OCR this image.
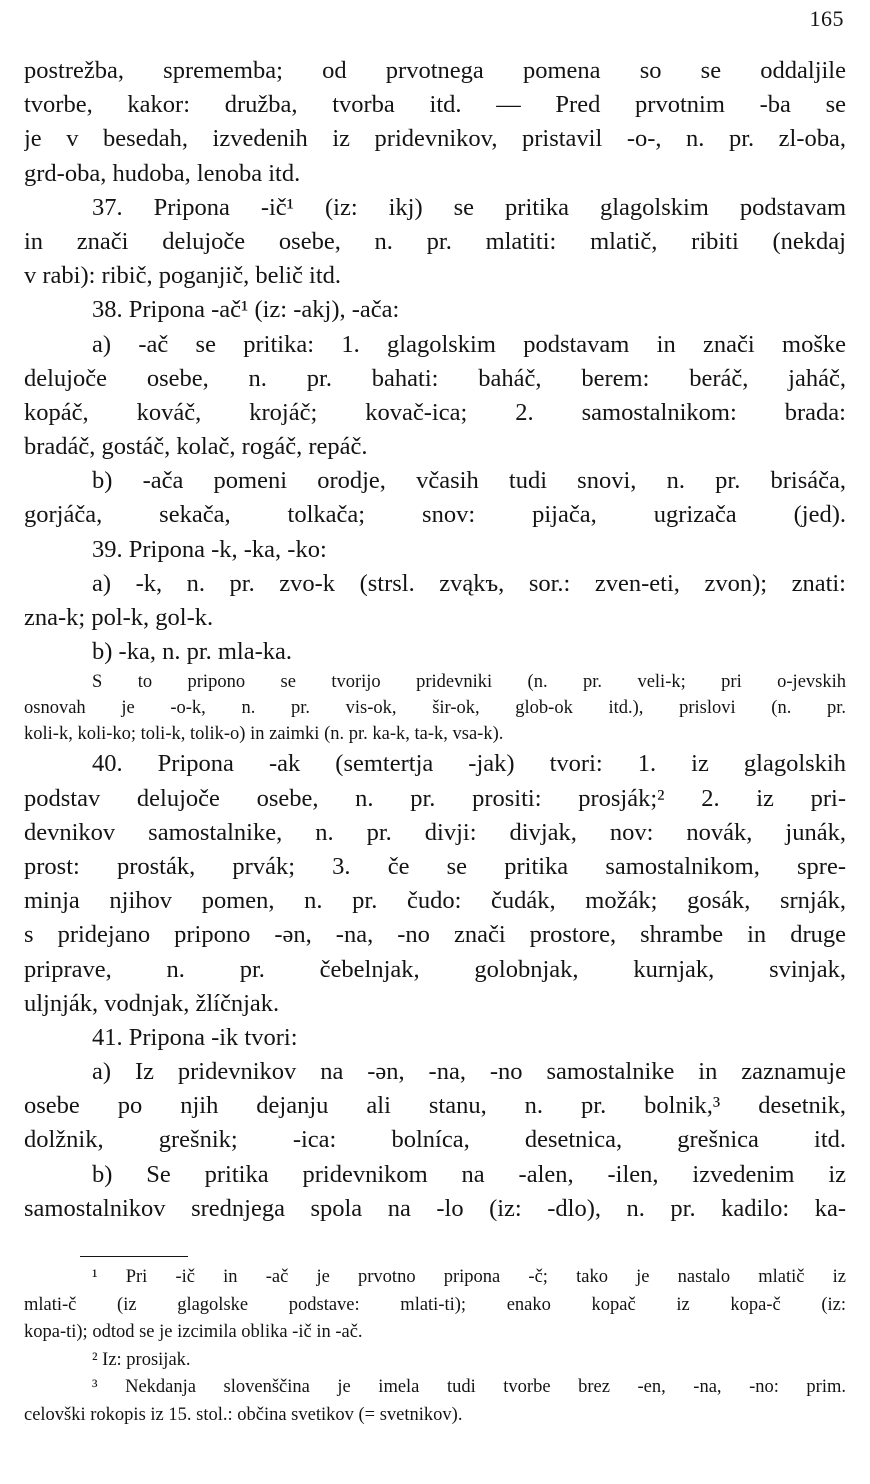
165
postrežba, sprememba; od prvotnega pomena so se oddaljile
tvorbe, kakor: družba, tvorba itd. — Pred prvotnim -ba se
je v besedah, izvedenih iz pridevnikov, pristavil -o-, n. pr. zl-oba,
grd-oba, hudoba, lenoba itd.
37. Pripona -ič¹ (iz: ikj) se pritika glagolskim podstavam
in znači delujoče osebe, n. pr. mlatiti: mlatič, ribiti (nekdaj
v rabi): ribič, poganjič, belič itd.
38. Pripona -ač¹ (iz: -akj), -ača:
a) -ač se pritika: 1. glagolskim podstavam in znači moške
delujoče osebe, n. pr. bahati: baháč, berem: beráč, jaháč,
kopáč, kováč, krojáč; kovač-ica; 2. samostalnikom: brada:
bradáč, gostáč, kolač, rogáč, repáč.
b) -ača pomeni orodje, včasih tudi snovi, n. pr. brisáča,
gorjáča, sekača, tolkača; snov: pijača, ugrizača (jed).
39. Pripona -k, -ka, -ko:
a) -k, n. pr. zvo-k (strsl. zvąkъ, sor.: zven-eti, zvon); znati:
zna-k; pol-k, gol-k.
b) -ka, n. pr. mla-ka.
S to pripono se tvorijo pridevniki (n. pr. veli-k; pri o-jevskih
osnovah je -o-k, n. pr. vis-ok, šir-ok, glob-ok itd.), prislovi (n. pr.
koli-k, koli-ko; toli-k, tolik-o) in zaimki (n. pr. ka-k, ta-k, vsa-k).
40. Pripona -ak (semtertja -jak) tvori: 1. iz glagolskih
podstav delujoče osebe, n. pr. prositi: prosják;² 2. iz pri-
devnikov samostalnike, n. pr. divji: divjak, nov: novák, junák,
prost: prosták, prvák; 3. če se pritika samostalnikom, spre-
minja njihov pomen, n. pr. čudo: čudák, možák; gosák, srnják,
s pridejano pripono -ən, -na, -no znači prostore, shrambe in druge
priprave, n. pr. čebelnjak, golobnjak, kurnjak, svinjak,
uljnják, vodnjak, žlíčnjak.
41. Pripona -ik tvori:
a) Iz pridevnikov na -ən, -na, -no samostalnike in zaznamuje
osebe po njih dejanju ali stanu, n. pr. bolnik,³ desetnik,
dolžnik, grešnik; -ica: bolníca, desetnica, grešnica itd.
b) Se pritika pridevnikom na -alen, -ilen, izvedenim iz
samostalnikov srednjega spola na -lo (iz: -dlo), n. pr. kadilo: ka-
¹ Pri -ič in -ač je prvotno pripona -č; tako je nastalo mlatič iz
mlati-č (iz glagolske podstave: mlati-ti); enako kopač iz kopa-č (iz:
kopa-ti); odtod se je izcimila oblika -ič in -ač.
² Iz: prosijak.
³ Nekdanja slovenščina je imela tudi tvorbe brez -en, -na, -no: prim.
celovški rokopis iz 15. stol.: občina svetikov (= svetnikov).
